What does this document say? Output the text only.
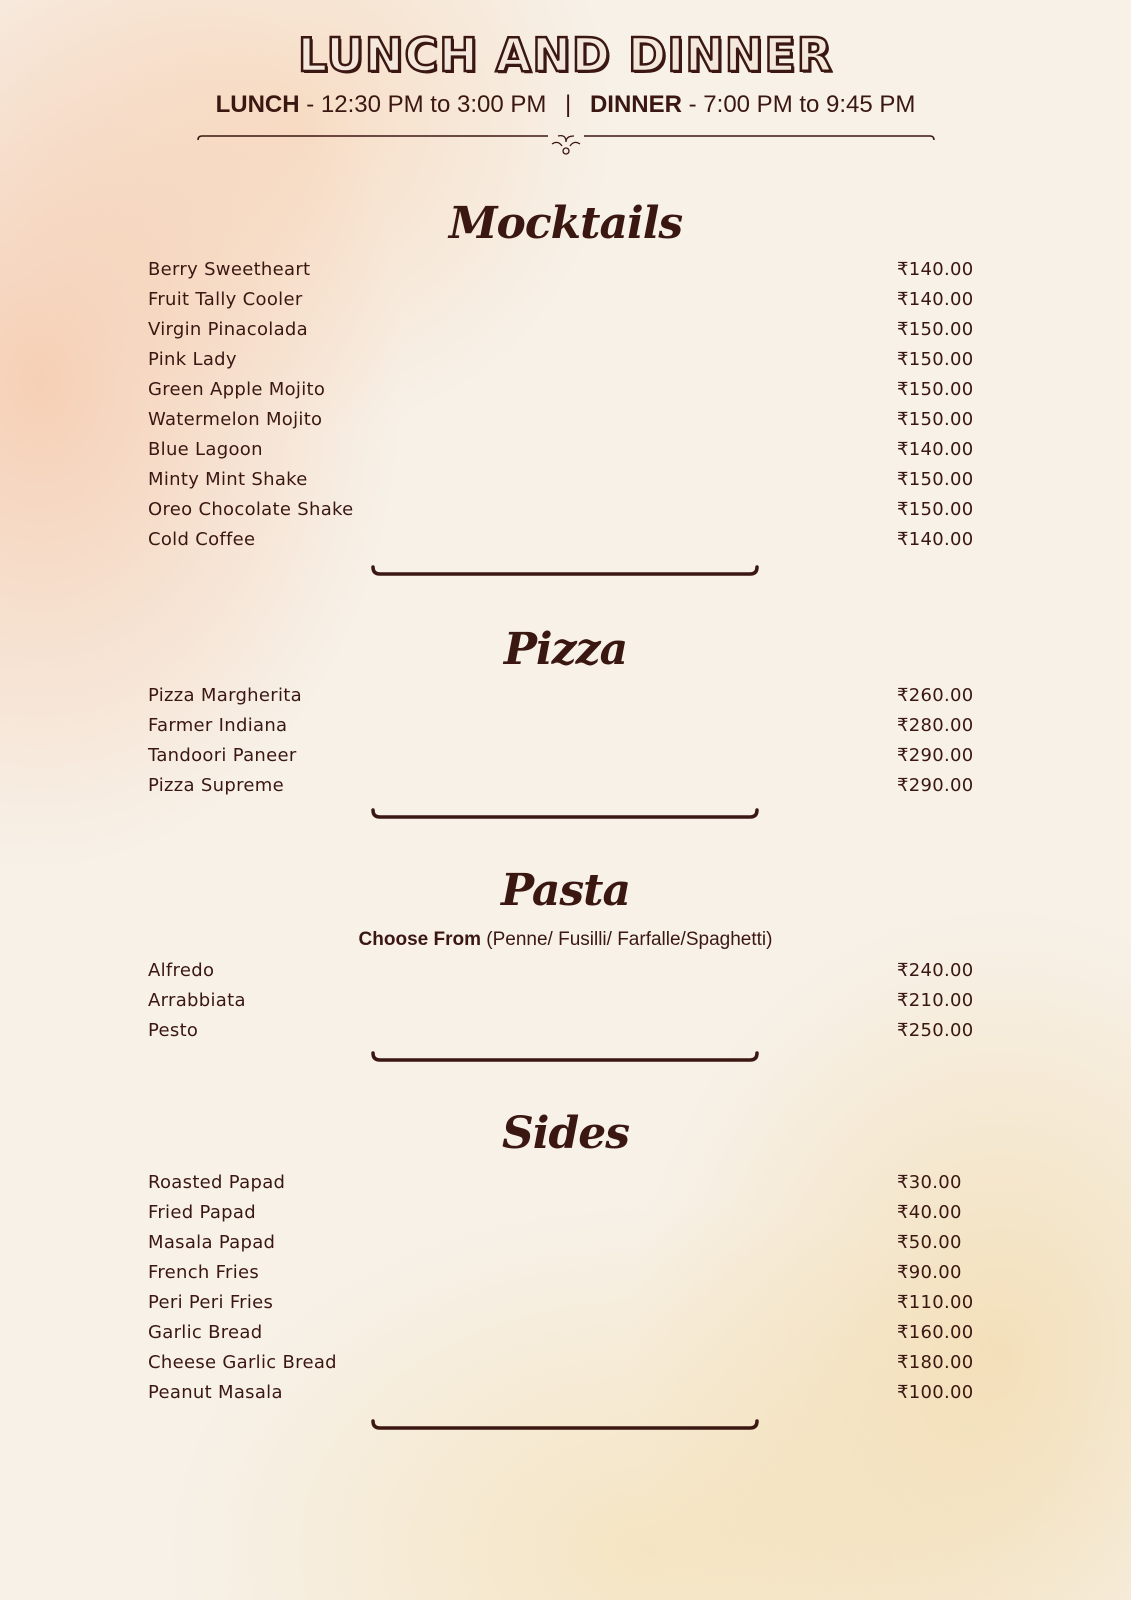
LUNCH AND DINNER
LUNCH - 12:30 PM to 3:00 PM | DINNER - 7:00 PM to 9:45 PM
Mocktails
Berry Sweetheart	₹140.00
Fruit Tally Cooler	₹140.00
Virgin Pinacolada	₹150.00
Pink Lady	₹150.00
Green Apple Mojito	₹150.00
Watermelon Mojito	₹150.00
Blue Lagoon	₹140.00
Minty Mint Shake	₹150.00
Oreo Chocolate Shake	₹150.00
Cold Coffee	₹140.00
Pizza
Pizza Margherita	₹260.00
Farmer Indiana	₹280.00
Tandoori Paneer	₹290.00
Pizza Supreme	₹290.00
Pasta
Choose From (Penne/ Fusilli/ Farfalle/Spaghetti)
Alfredo	₹240.00
Arrabbiata	₹210.00
Pesto	₹250.00
Sides
Roasted Papad	₹30.00
Fried Papad	₹40.00
Masala Papad	₹50.00
French Fries	₹90.00
Peri Peri Fries	₹110.00
Garlic Bread	₹160.00
Cheese Garlic Bread	₹180.00
Peanut Masala	₹100.00
